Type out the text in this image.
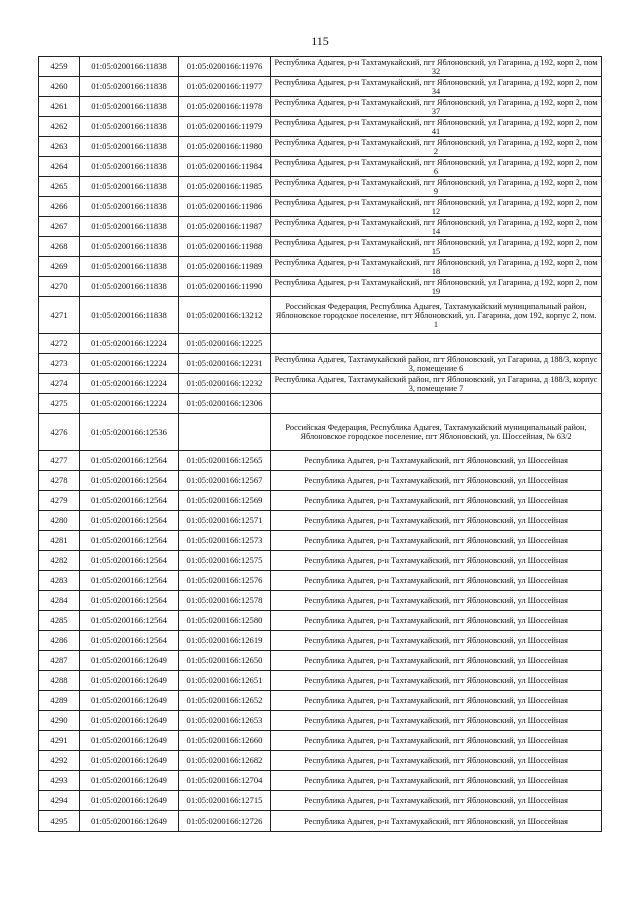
115
4259	01:05:0200166:11838	01:05:0200166:11976	Республика Адыгея, р-н Тахтамукайский, пгт Яблоновский, ул Гагарина, д 192, корп 2, пом 32
4260	01:05:0200166:11838	01:05:0200166:11977	Республика Адыгея, р-н Тахтамукайский, пгт Яблоновский, ул Гагарина, д 192, корп 2, пом 34
4261	01:05:0200166:11838	01:05:0200166:11978	Республика Адыгея, р-н Тахтамукайский, пгт Яблоновский, ул Гагарина, д 192, корп 2, пом 37
4262	01:05:0200166:11838	01:05:0200166:11979	Республика Адыгея, р-н Тахтамукайский, пгт Яблоновский, ул Гагарина, д 192, корп 2, пом 41
4263	01:05:0200166:11838	01:05:0200166:11980	Республика Адыгея, р-н Тахтамукайский, пгт Яблоновский, ул Гагарина, д 192, корп 2, пом 2
4264	01:05:0200166:11838	01:05:0200166:11984	Республика Адыгея, р-н Тахтамукайский, пгт Яблоновский, ул Гагарина, д 192, корп 2, пом 6
4265	01:05:0200166:11838	01:05:0200166:11985	Республика Адыгея, р-н Тахтамукайский, пгт Яблоновский, ул Гагарина, д 192, корп 2, пом 9
4266	01:05:0200166:11838	01:05:0200166:11986	Республика Адыгея, р-н Тахтамукайский, пгт Яблоновский, ул Гагарина, д 192, корп 2, пом 12
4267	01:05:0200166:11838	01:05:0200166:11987	Республика Адыгея, р-н Тахтамукайский, пгт Яблоновский, ул Гагарина, д 192, корп 2, пом 14
4268	01:05:0200166:11838	01:05:0200166:11988	Республика Адыгея, р-н Тахтамукайский, пгт Яблоновский, ул Гагарина, д 192, корп 2, пом 15
4269	01:05:0200166:11838	01:05:0200166:11989	Республика Адыгея, р-н Тахтамукайский, пгт Яблоновский, ул Гагарина, д 192, корп 2, пом 18
4270	01:05:0200166:11838	01:05:0200166:11990	Республика Адыгея, р-н Тахтамукайский, пгт Яблоновский, ул Гагарина, д 192, корп 2, пом 19
4271	01:05:0200166:11838	01:05:0200166:13212	Российская Федерация, Республика Адыгея, Тахтамукайский муниципальный район, Яблоновское городское поселение, пгт Яблоновский, ул. Гагарина, дом 192, корпус 2, пом. 1
4272	01:05:0200166:12224	01:05:0200166:12225	
4273	01:05:0200166:12224	01:05:0200166:12231	Республика Адыгея, Тахтамукайский район, пгт Яблоновский, ул Гагарина, д 188/3, корпус 3, помещение 6
4274	01:05:0200166:12224	01:05:0200166:12232	Республика Адыгея, Тахтамукайский район, пгт Яблоновский, ул Гагарина, д 188/3, корпус 3, помещение 7
4275	01:05:0200166:12224	01:05:0200166:12306	
4276	01:05:0200166:12536		Российская Федерация, Республика Адыгея, Тахтамукайский муниципальный район, Яблоновское городское поселение, пгт Яблоновский, ул. Шоссейная, № 63/2
4277	01:05:0200166:12564	01:05:0200166:12565	Республика Адыгея, р-н Тахтамукайский, пгт Яблоновский, ул Шоссейная
4278	01:05:0200166:12564	01:05:0200166:12567	Республика Адыгея, р-н Тахтамукайский, пгт Яблоновский, ул Шоссейная
4279	01:05:0200166:12564	01:05:0200166:12569	Республика Адыгея, р-н Тахтамукайский, пгт Яблоновский, ул Шоссейная
4280	01:05:0200166:12564	01:05:0200166:12571	Республика Адыгея, р-н Тахтамукайский, пгт Яблоновский, ул Шоссейная
4281	01:05:0200166:12564	01:05:0200166:12573	Республика Адыгея, р-н Тахтамукайский, пгт Яблоновский, ул Шоссейная
4282	01:05:0200166:12564	01:05:0200166:12575	Республика Адыгея, р-н Тахтамукайский, пгт Яблоновский, ул Шоссейная
4283	01:05:0200166:12564	01:05:0200166:12576	Республика Адыгея, р-н Тахтамукайский, пгт Яблоновский, ул Шоссейная
4284	01:05:0200166:12564	01:05:0200166:12578	Республика Адыгея, р-н Тахтамукайский, пгт Яблоновский, ул Шоссейная
4285	01:05:0200166:12564	01:05:0200166:12580	Республика Адыгея, р-н Тахтамукайский, пгт Яблоновский, ул Шоссейная
4286	01:05:0200166:12564	01:05:0200166:12619	Республика Адыгея, р-н Тахтамукайский, пгт Яблоновский, ул Шоссейная
4287	01:05:0200166:12649	01:05:0200166:12650	Республика Адыгея, р-н Тахтамукайский, пгт Яблоновский, ул Шоссейная
4288	01:05:0200166:12649	01:05:0200166:12651	Республика Адыгея, р-н Тахтамукайский, пгт Яблоновский, ул Шоссейная
4289	01:05:0200166:12649	01:05:0200166:12652	Республика Адыгея, р-н Тахтамукайский, пгт Яблоновский, ул Шоссейная
4290	01:05:0200166:12649	01:05:0200166:12653	Республика Адыгея, р-н Тахтамукайский, пгт Яблоновский, ул Шоссейная
4291	01:05:0200166:12649	01:05:0200166:12660	Республика Адыгея, р-н Тахтамукайский, пгт Яблоновский, ул Шоссейная
4292	01:05:0200166:12649	01:05:0200166:12682	Республика Адыгея, р-н Тахтамукайский, пгт Яблоновский, ул Шоссейная
4293	01:05:0200166:12649	01:05:0200166:12704	Республика Адыгея, р-н Тахтамукайский, пгт Яблоновский, ул Шоссейная
4294	01:05:0200166:12649	01:05:0200166:12715	Республика Адыгея, р-н Тахтамукайский, пгт Яблоновский, ул Шоссейная
4295	01:05:0200166:12649	01:05:0200166:12726	Республика Адыгея, р-н Тахтамукайский, пгт Яблоновский, ул Шоссейная
